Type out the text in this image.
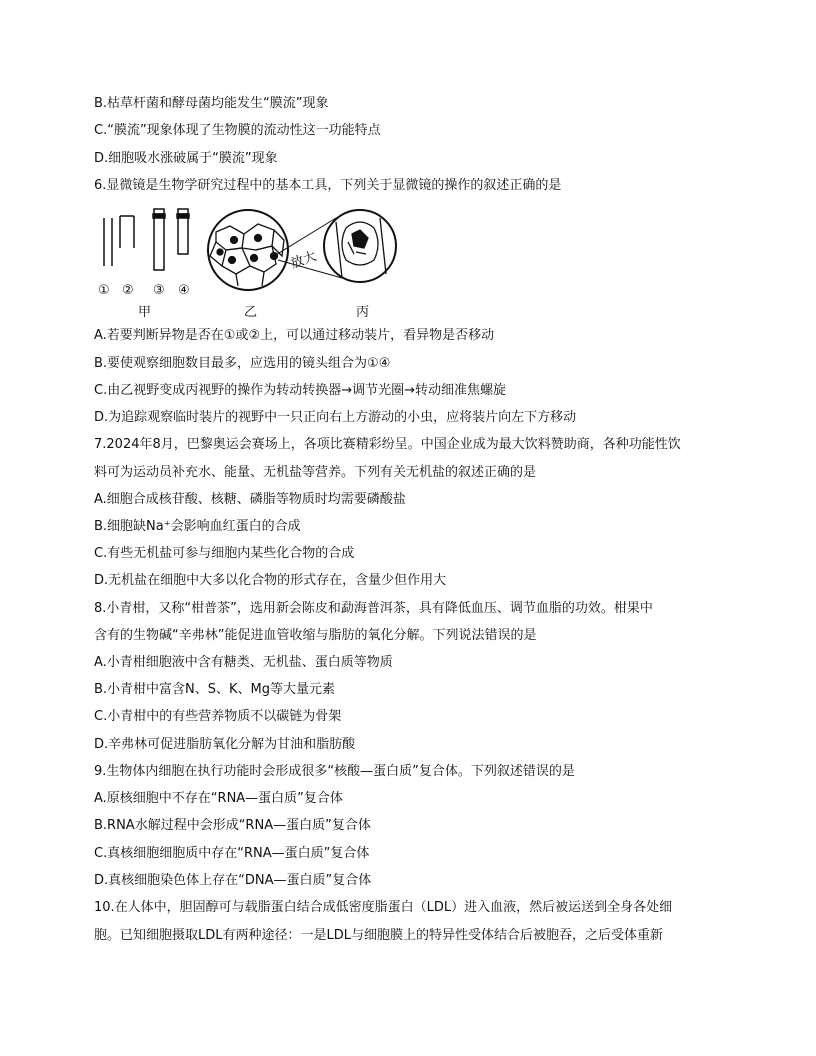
B.枯草杆菌和酵母菌均能发生“膜流”现象
C.“膜流”现象体现了生物膜的流动性这一功能特点
D.细胞吸水涨破属于“膜流”现象
6.显微镜是生物学研究过程中的基本工具，下列关于显微镜的操作的叙述正确的是
① ② ③ ④
甲	乙
放大
丙
A.若要判断异物是否在①或②上，可以通过移动装片，看异物是否移动
B.要使观察细胞数目最多，应选用的镜头组合为①④
C.由乙视野变成丙视野的操作为转动转换器→调节光圈→转动细准焦螺旋
D.为追踪观察临时装片的视野中一只正向右上方游动的小虫，应将装片向左下方移动
7.2024年8月，巴黎奥运会赛场上，各项比赛精彩纷呈。中国企业成为最大饮料赞助商，各种功能性饮
料可为运动员补充水、能量、无机盐等营养。下列有关无机盐的叙述正确的是
A.细胞合成核苷酸、核糖、磷脂等物质时均需要磷酸盐
B.细胞缺Na⁺会影响血红蛋白的合成
C.有些无机盐可参与细胞内某些化合物的合成
D.无机盐在细胞中大多以化合物的形式存在，含量少但作用大
8.小青柑，又称“柑普茶”，选用新会陈皮和勐海普洱茶，具有降低血压、调节血脂的功效。柑果中
含有的生物碱“辛弗林”能促进血管收缩与脂肪的氧化分解。下列说法错误的是
A.小青柑细胞液中含有糖类、无机盐、蛋白质等物质
B.小青柑中富含N、S、K、Mg等大量元素
C.小青柑中的有些营养物质不以碳链为骨架
D.辛弗林可促进脂肪氧化分解为甘油和脂肪酸
9.生物体内细胞在执行功能时会形成很多“核酸—蛋白质”复合体。下列叙述错误的是
A.原核细胞中不存在“RNA—蛋白质”复合体
B.RNA水解过程中会形成“RNA—蛋白质”复合体
C.真核细胞细胞质中存在“RNA—蛋白质”复合体
D.真核细胞染色体上存在“DNA—蛋白质”复合体
10.在人体中，胆固醇可与载脂蛋白结合成低密度脂蛋白（LDL）进入血液，然后被运送到全身各处细
胞。已知细胞摄取LDL有两种途径：一是LDL与细胞膜上的特异性受体结合后被胞吞，之后受体重新
